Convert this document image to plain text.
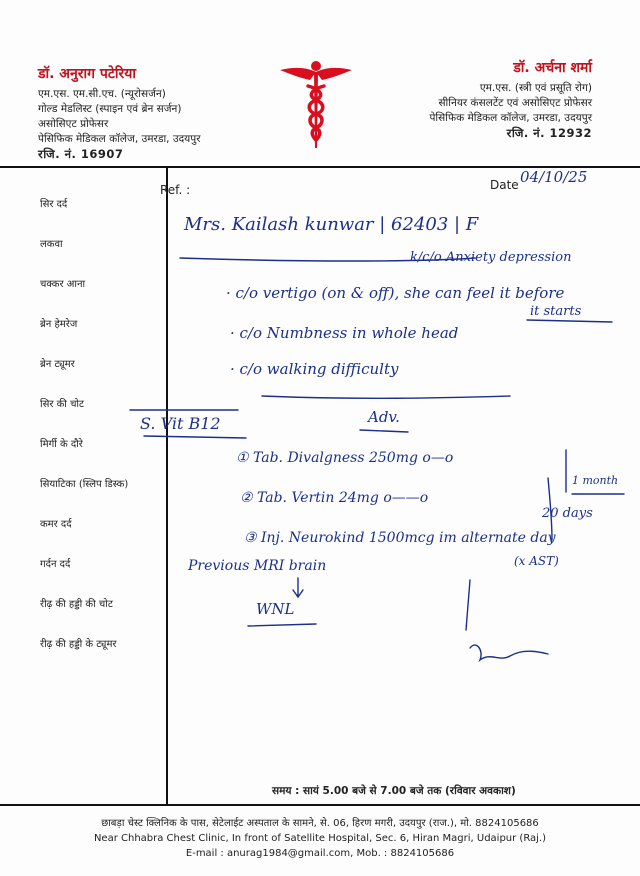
डॉ. अनुराग पटेरिया
एम.एस. एम.सी.एच. (न्यूरोसर्जन)
गोल्ड मेडलिस्ट (स्पाइन एवं ब्रेन सर्जन)
असोसिएट प्रोफेसर
पेसिफिक मेडिकल कॉलेज, उमरडा, उदयपुर
रजि. नं. 16907
डॉ. अर्चना शर्मा
एम.एस. (स्त्री एवं प्रसूति रोग)
सीनियर कंसलटेंट एवं असोसिएट प्रोफेसर
पेसिफिक मेडिकल कॉलेज, उमरडा, उदयपुर
रजि. नं. 12932
सिर दर्द
लकवा
चक्कर आना
ब्रेन हेमरेज
ब्रेन ट्यूमर
सिर की चोट
मिर्गी के दौरे
सियाटिका (स्लिप डिस्क)
कमर दर्द
गर्दन दर्द
रीढ़ की हड्डी की चोट
रीढ़ की हड्डी के ट्यूमर
Ref. :	Date 04/10/25
Mrs. Kailash kunwar | 62403 | F
k/c/o Anxiety depression
· c/o vertigo (on & off), she can feel it before
it starts
· c/o Numbness in whole head
· c/o walking difficulty
S. Vit B12	Adv.
① Tab. Divalgness 250mg o—o
1 month
② Tab. Vertin 24mg o——o
20 days
③ Inj. Neurokind 1500mcg im alternate day
(x AST)
Previous MRI brain
WNL
समय : सायं 5.00 बजे से 7.00 बजे तक (रविवार अवकाश)
छाबड़ा चेस्ट क्लिनिक के पास, सेटेलाईट अस्पताल के सामने, से. 06, हिरण मगरी, उदयपुर (राज.), मो. 8824105686
Near Chhabra Chest Clinic, In front of Satellite Hospital, Sec. 6, Hiran Magri, Udaipur (Raj.)
E-mail : anurag1984@gmail.com, Mob. : 8824105686
